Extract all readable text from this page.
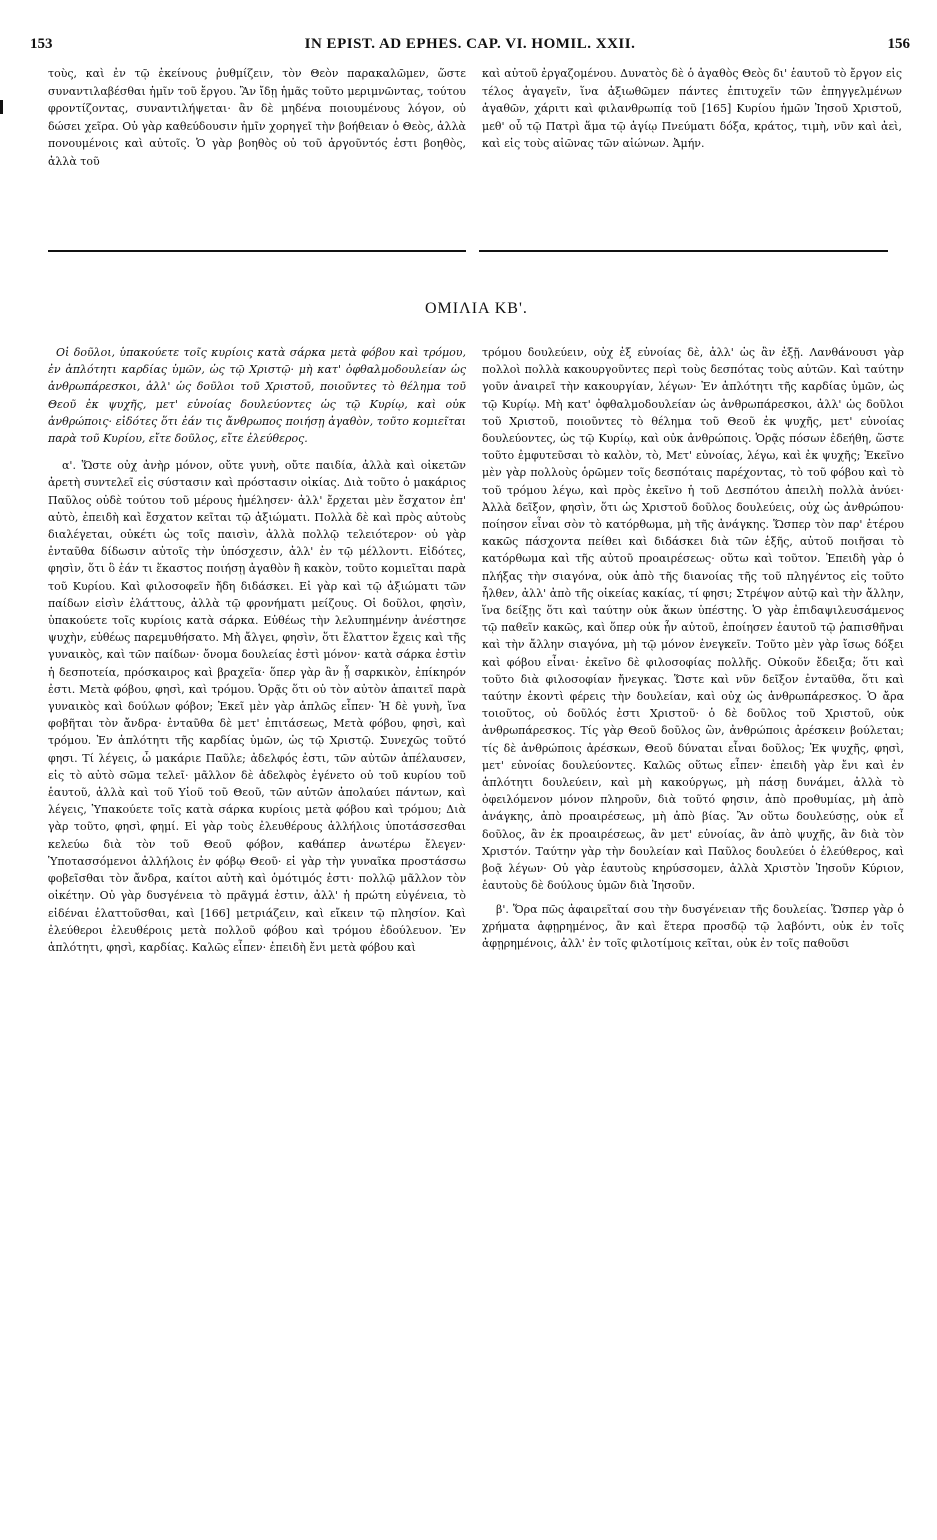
153	IN EPIST. AD EPHES. CAP. VI. HOMIL. XXII.	156

τοὺς, καὶ ἐν τῷ ἐκείνους ῥυθμίζειν, τὸν Θεὸν παρακαλῶμεν, ὥστε συναντιλαβέσθαι ἡμῖν τοῦ ἔργου. Ἂν ἴδῃ ἡμᾶς τοῦτο μεριμνῶντας, τούτου φροντίζοντας, συναντιλήψεται· ἂν δὲ μηδένα ποιουμένους λόγον, οὐ δώσει χεῖρα. Οὐ γὰρ καθεύδουσιν ἡμῖν χορηγεῖ τὴν βοήθειαν ὁ Θεὸς, ἀλλὰ πονουμένοις καὶ αὐτοῖς. Ὁ γὰρ βοηθὸς οὐ τοῦ ἀργοῦντός ἐστι βοηθὸς, ἀλλὰ τοῦ

καὶ αὐτοῦ ἐργαζομένου. Δυνατὸς δὲ ὁ ἀγαθὸς Θεὸς δι' ἑαυτοῦ τὸ ἔργον εἰς τέλος ἀγαγεῖν, ἵνα ἀξιωθῶμεν πάντες ἐπιτυχεῖν τῶν ἐπηγγελμένων ἀγαθῶν, χάριτι καὶ φιλανθρωπίᾳ τοῦ [165] Κυρίου ἡμῶν Ἰησοῦ Χριστοῦ, μεθ' οὗ τῷ Πατρὶ ἅμα τῷ ἁγίῳ Πνεύματι δόξα, κράτος, τιμὴ, νῦν καὶ ἀεὶ, καὶ εἰς τοὺς αἰῶνας τῶν αἰώνων. Ἀμήν.

ΟΜΙΛΙΑ ΚΒ'.

Οἱ δοῦλοι, ὑπακούετε τοῖς κυρίοις κατὰ σάρκα μετὰ φόβου καὶ τρόμου, ἐν ἁπλότητι καρδίας ὑμῶν, ὡς τῷ Χριστῷ· μὴ κατ' ὀφθαλμοδουλείαν ὡς ἀνθρωπάρεσκοι, ἀλλ' ὡς δοῦλοι τοῦ Χριστοῦ, ποιοῦντες τὸ θέλημα τοῦ Θεοῦ ἐκ ψυχῆς, μετ' εὐνοίας δουλεύοντες ὡς τῷ Κυρίῳ, καὶ οὐκ ἀνθρώποις· εἰδότες ὅτι ἐάν τις ἄνθρωπος ποιήσῃ ἀγαθὸν, τοῦτο κομιεῖται παρὰ τοῦ Κυρίου, εἴτε δοῦλος, εἴτε ἐλεύθερος.

α'. Ὥστε οὐχ ἀνὴρ μόνον, οὔτε γυνὴ, οὔτε παιδία, ἀλλὰ καὶ οἰκετῶν ἀρετὴ συντελεῖ εἰς σύστασιν καὶ πρόστασιν οἰκίας. Διὰ τοῦτο ὁ μακάριος Παῦλος οὐδὲ τούτου τοῦ μέρους ἠμέλησεν· ἀλλ' ἔρχεται μὲν ἔσχατον ἐπ' αὐτὸ, ἐπειδὴ καὶ ἔσχατον κεῖται τῷ ἀξιώματι. Πολλὰ δὲ καὶ πρὸς αὐτοὺς διαλέγεται, οὐκέτι ὡς τοῖς παισὶν, ἀλλὰ πολλῷ τελειότερον· οὐ γὰρ ἐνταῦθα δίδωσιν αὐτοῖς τὴν ὑπόσχεσιν, ἀλλ' ἐν τῷ μέλλοντι. Εἰδότες, φησὶν, ὅτι ὃ ἐάν τι ἕκαστος ποιήσῃ ἀγαθὸν ἢ κακὸν, τοῦτο κομιεῖται παρὰ τοῦ Κυρίου. Καὶ φιλοσοφεῖν ἤδη διδάσκει. Εἰ γὰρ καὶ τῷ ἀξιώματι τῶν παίδων εἰσὶν ἐλάττους, ἀλλὰ τῷ φρονήματι μείζους. Οἱ δοῦλοι, φησὶν, ὑπακούετε τοῖς κυρίοις κατὰ σάρκα. Εὐθέως τὴν λελυπημένην ἀνέστησε ψυχὴν, εὐθέως παρεμυθήσατο. Μὴ ἄλγει, φησὶν, ὅτι ἔλαττον ἔχεις καὶ τῆς γυναικὸς, καὶ τῶν παίδων· ὄνομα δουλείας ἐστὶ μόνον· κατὰ σάρκα ἐστὶν ἡ δεσποτεία, πρόσκαιρος καὶ βραχεῖα· ὅπερ γὰρ ἂν ᾖ σαρκικὸν, ἐπίκηρόν ἐστι. Μετὰ φόβου, φησὶ, καὶ τρόμου. Ὁρᾷς ὅτι οὐ τὸν αὐτὸν ἀπαιτεῖ παρὰ γυναικὸς καὶ δούλων φόβον; Ἐκεῖ μὲν γὰρ ἁπλῶς εἶπεν· Ἡ δὲ γυνὴ, ἵνα φοβῆται τὸν ἄνδρα· ἐνταῦθα δὲ μετ' ἐπιτάσεως, Μετὰ φόβου, φησὶ, καὶ τρόμου. Ἐν ἁπλότητι τῆς καρδίας ὑμῶν, ὡς τῷ Χριστῷ. Συνεχῶς τοῦτό φησι. Τί λέγεις, ὦ μακάριε Παῦλε; ἀδελφός ἐστι, τῶν αὐτῶν ἀπέλαυσεν, εἰς τὸ αὐτὸ σῶμα τελεῖ· μᾶλλον δὲ ἀδελφὸς ἐγένετο οὐ τοῦ κυρίου τοῦ ἑαυτοῦ, ἀλλὰ καὶ τοῦ Υἱοῦ τοῦ Θεοῦ, τῶν αὐτῶν ἀπολαύει πάντων, καὶ λέγεις, Ὑπακούετε τοῖς κατὰ σάρκα κυρίοις μετὰ φόβου καὶ τρόμου; Διὰ γὰρ τοῦτο, φησὶ, φημί. Εἰ γὰρ τοὺς ἐλευθέρους ἀλλήλοις ὑποτάσσεσθαι κελεύω διὰ τὸν τοῦ Θεοῦ φόβον, καθάπερ ἀνωτέρω ἔλεγεν· Ὑποτασσόμενοι ἀλλήλοις ἐν φόβῳ Θεοῦ· εἰ γὰρ τὴν γυναῖκα προστάσσω φοβεῖσθαι τὸν ἄνδρα, καίτοι αὐτὴ καὶ ὁμότιμός ἐστι· πολλῷ μᾶλλον τὸν οἰκέτην. Οὐ γὰρ δυσγένεια τὸ πρᾶγμά ἐστιν, ἀλλ' ἡ πρώτη εὐγένεια, τὸ εἰδέναι ἐλαττοῦσθαι, καὶ [166] μετριάζειν, καὶ εἴκειν τῷ πλησίον. Καὶ ἐλεύθεροι ἐλευθέροις μετὰ πολλοῦ φόβου καὶ τρόμου ἐδούλευον. Ἐν ἁπλότητι, φησὶ, καρδίας. Καλῶς εἶπεν· ἐπειδὴ ἔνι μετὰ φόβου καὶ

τρόμου δουλεύειν, οὐχ ἐξ εὐνοίας δὲ, ἀλλ' ὡς ἂν ἐξῇ. Λανθάνουσι γὰρ πολλοὶ πολλὰ κακουργοῦντες περὶ τοὺς δεσπότας τοὺς αὐτῶν. Καὶ ταύτην γοῦν ἀναιρεῖ τὴν κακουργίαν, λέγων· Ἐν ἁπλότητι τῆς καρδίας ὑμῶν, ὡς τῷ Κυρίῳ. Μὴ κατ' ὀφθαλμοδουλείαν ὡς ἀνθρωπάρεσκοι, ἀλλ' ὡς δοῦλοι τοῦ Χριστοῦ, ποιοῦντες τὸ θέλημα τοῦ Θεοῦ ἐκ ψυχῆς, μετ' εὐνοίας δουλεύοντες, ὡς τῷ Κυρίῳ, καὶ οὐκ ἀνθρώποις. Ὁρᾷς πόσων ἐδεήθη, ὥστε τοῦτο ἐμφυτεῦσαι τὸ καλὸν, τὸ, Μετ' εὐνοίας, λέγω, καὶ ἐκ ψυχῆς; Ἐκεῖνο μὲν γὰρ πολλοὺς ὁρῶμεν τοῖς δεσπόταις παρέχοντας, τὸ τοῦ φόβου καὶ τὸ τοῦ τρόμου λέγω, καὶ πρὸς ἐκεῖνο ἡ τοῦ Δεσπότου ἀπειλὴ πολλὰ ἀνύει· Ἀλλὰ δεῖξον, φησὶν, ὅτι ὡς Χριστοῦ δοῦλος δουλεύεις, οὐχ ὡς ἀνθρώπου· ποίησον εἶναι σὸν τὸ κατόρθωμα, μὴ τῆς ἀνάγκης. Ὥσπερ τὸν παρ' ἑτέρου κακῶς πάσχοντα πείθει καὶ διδάσκει διὰ τῶν ἑξῆς, αὐτοῦ ποιῆσαι τὸ κατόρθωμα καὶ τῆς αὐτοῦ προαιρέσεως· οὕτω καὶ τοῦτον. Ἐπειδὴ γὰρ ὁ πλήξας τὴν σιαγόνα, οὐκ ἀπὸ τῆς διανοίας τῆς τοῦ πληγέντος εἰς τοῦτο ἦλθεν, ἀλλ' ἀπὸ τῆς οἰκείας κακίας, τί φησι; Στρέψον αὐτῷ καὶ τὴν ἄλλην, ἵνα δείξῃς ὅτι καὶ ταύτην οὐκ ἄκων ὑπέστης. Ὁ γὰρ ἐπιδαψιλευσάμενος τῷ παθεῖν κακῶς, καὶ ὅπερ οὐκ ἦν αὐτοῦ, ἐποίησεν ἑαυτοῦ τῷ ῥαπισθῆναι καὶ τὴν ἄλλην σιαγόνα, μὴ τῷ μόνον ἐνεγκεῖν. Τοῦτο μὲν γὰρ ἴσως δόξει καὶ φόβου εἶναι· ἐκεῖνο δὲ φιλοσοφίας πολλῆς. Οὐκοῦν ἔδειξα; ὅτι καὶ τοῦτο διὰ φιλοσοφίαν ἤνεγκας. Ὥστε καὶ νῦν δεῖξον ἐνταῦθα, ὅτι καὶ ταύτην ἑκοντὶ φέρεις τὴν δουλείαν, καὶ οὐχ ὡς ἀνθρωπάρεσκος. Ὁ ἄρα τοιοῦτος, οὐ δοῦλός ἐστι Χριστοῦ· ὁ δὲ δοῦλος τοῦ Χριστοῦ, οὐκ ἀνθρωπάρεσκος. Τίς γὰρ Θεοῦ δοῦλος ὢν, ἀνθρώποις ἀρέσκειν βούλεται; τίς δὲ ἀνθρώποις ἀρέσκων, Θεοῦ δύναται εἶναι δοῦλος; Ἐκ ψυχῆς, φησὶ, μετ' εὐνοίας δουλεύοντες. Καλῶς οὕτως εἶπεν· ἐπειδὴ γὰρ ἔνι καὶ ἐν ἁπλότητι δουλεύειν, καὶ μὴ κακούργως, μὴ πάσῃ δυνάμει, ἀλλὰ τὸ ὀφειλόμενον μόνον πληροῦν, διὰ τοῦτό φησιν, ἀπὸ προθυμίας, μὴ ἀπὸ ἀνάγκης, ἀπὸ προαιρέσεως, μὴ ἀπὸ βίας. Ἂν οὕτω δουλεύσῃς, οὐκ εἶ δοῦλος, ἂν ἐκ προαιρέσεως, ἂν μετ' εὐνοίας, ἂν ἀπὸ ψυχῆς, ἂν διὰ τὸν Χριστόν. Ταύτην γὰρ τὴν δουλείαν καὶ Παῦλος δουλεύει ὁ ἐλεύθερος, καὶ βοᾷ λέγων· Οὐ γὰρ ἑαυτοὺς κηρύσσομεν, ἀλλὰ Χριστὸν Ἰησοῦν Κύριον, ἑαυτοὺς δὲ δούλους ὑμῶν διὰ Ἰησοῦν.

β'. Ὅρα πῶς ἀφαιρεῖταί σου τὴν δυσγένειαν τῆς δουλείας. Ὥσπερ γὰρ ὁ χρήματα ἀφῃρημένος, ἂν καὶ ἕτερα προσδῷ τῷ λαβόντι, οὐκ ἐν τοῖς ἀφῃρημένοις, ἀλλ' ἐν τοῖς φιλοτίμοις κεῖται, οὐκ ἐν τοῖς παθοῦσι
